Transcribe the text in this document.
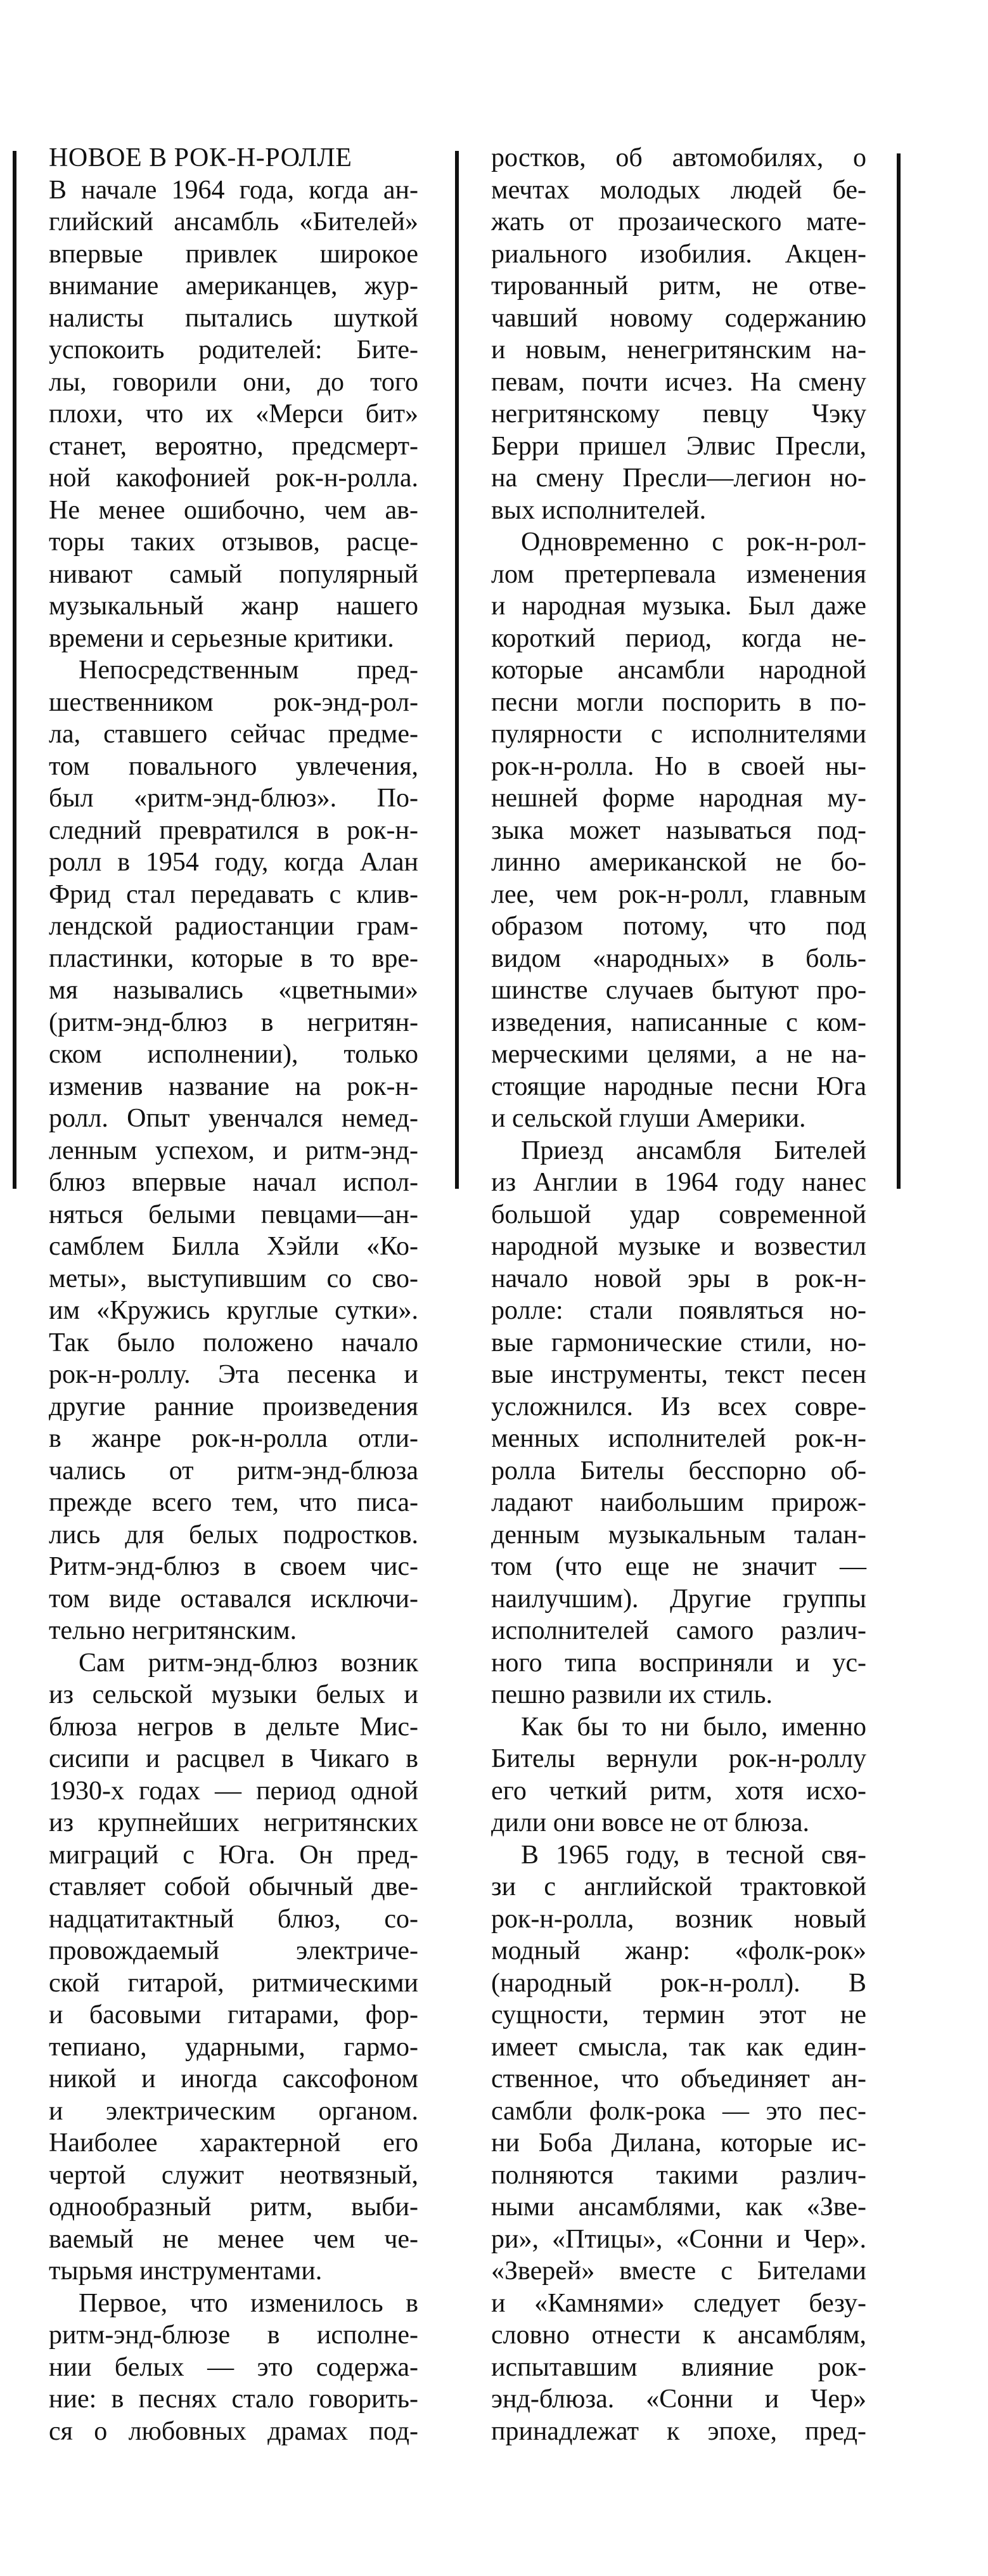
НОВОЕ В РОК-Н-РОЛЛЕ
В начале 1964 года, когда ан-
глийский ансамбль «Бителей»
впервые привлек широкое
внимание американцев, жур-
налисты пытались шуткой
успокоить родителей: Бите-
лы, говорили они, до того
плохи, что их «Мерси бит»
станет, вероятно, предсмерт-
ной какофонией рок-н-ролла.
Не менее ошибочно, чем ав-
торы таких отзывов, расце-
нивают самый популярный
музыкальный жанр нашего
времени и серьезные критики.
Непосредственным пред-
шественником рок-энд-рол-
ла, ставшего сейчас предме-
том повального увлечения,
был «ритм-энд-блюз». По-
следний превратился в рок-н-
ролл в 1954 году, когда Алан
Фрид стал передавать с клив-
лендской радиостанции грам-
пластинки, которые в то вре-
мя назывались «цветными»
(ритм-энд-блюз в негритян-
ском исполнении), только
изменив название на рок-н-
ролл. Опыт увенчался немед-
ленным успехом, и ритм-энд-
блюз впервые начал испол-
няться белыми певцами—ан-
самблем Билла Хэйли «Ко-
меты», выступившим со сво-
им «Кружись круглые сутки».
Так было положено начало
рок-н-роллу. Эта песенка и
другие ранние произведения
в жанре рок-н-ролла отли-
чались от ритм-энд-блюза
прежде всего тем, что писа-
лись для белых подростков.
Ритм-энд-блюз в своем чис-
том виде оставался исключи-
тельно негритянским.
Сам ритм-энд-блюз возник
из сельской музыки белых и
блюза негров в дельте Мис-
сисипи и расцвел в Чикаго в
1930-х годах — период одной
из крупнейших негритянских
миграций с Юга. Он пред-
ставляет собой обычный две-
надцатитактный блюз, со-
провождаемый электриче-
ской гитарой, ритмическими
и басовыми гитарами, фор-
тепиано, ударными, гармо-
никой и иногда саксофоном
и электрическим органом.
Наиболее характерной его
чертой служит неотвязный,
однообразный ритм, выби-
ваемый не менее чем че-
тырьмя инструментами.
Первое, что изменилось в
ритм-энд-блюзе в исполне-
нии белых — это содержа-
ние: в песнях стало говорить-
ся о любовных драмах под-
ростков, об автомобилях, о
мечтах молодых людей бе-
жать от прозаического мате-
риального изобилия. Акцен-
тированный ритм, не отве-
чавший новому содержанию
и новым, ненегритянским на-
певам, почти исчез. На смену
негритянскому певцу Чэку
Берри пришел Элвис Пресли,
на смену Пресли—легион но-
вых исполнителей.
Одновременно с рок-н-рол-
лом претерпевала изменения
и народная музыка. Был даже
короткий период, когда не-
которые ансамбли народной
песни могли поспорить в по-
пулярности с исполнителями
рок-н-ролла. Но в своей ны-
нешней форме народная му-
зыка может называться под-
линно американской не бо-
лее, чем рок-н-ролл, главным
образом потому, что под
видом «народных» в боль-
шинстве случаев бытуют про-
изведения, написанные с ком-
мерческими целями, а не на-
стоящие народные песни Юга
и сельской глуши Америки.
Приезд ансамбля Бителей
из Англии в 1964 году нанес
большой удар современной
народной музыке и возвестил
начало новой эры в рок-н-
ролле: стали появляться но-
вые гармонические стили, но-
вые инструменты, текст песен
усложнился. Из всех совре-
менных исполнителей рок-н-
ролла Бителы бесспорно об-
ладают наибольшим прирож-
денным музыкальным талан-
том (что еще не значит —
наилучшим). Другие группы
исполнителей самого различ-
ного типа восприняли и ус-
пешно развили их стиль.
Как бы то ни было, именно
Бителы вернули рок-н-роллу
его четкий ритм, хотя исхо-
дили они вовсе не от блюза.
В 1965 году, в тесной свя-
зи с английской трактовкой
рок-н-ролла, возник новый
модный жанр: «фолк-рок»
(народный рок-н-ролл). В
сущности, термин этот не
имеет смысла, так как един-
ственное, что объединяет ан-
самбли фолк-рока — это пес-
ни Боба Дилана, которые ис-
полняются такими различ-
ными ансамблями, как «Зве-
ри», «Птицы», «Сонни и Чер».
«Зверей» вместе с Бителами
и «Камнями» следует безу-
словно отнести к ансамблям,
испытавшим влияние рок-
энд-блюза. «Сонни и Чер»
принадлежат к эпохе, пред-
